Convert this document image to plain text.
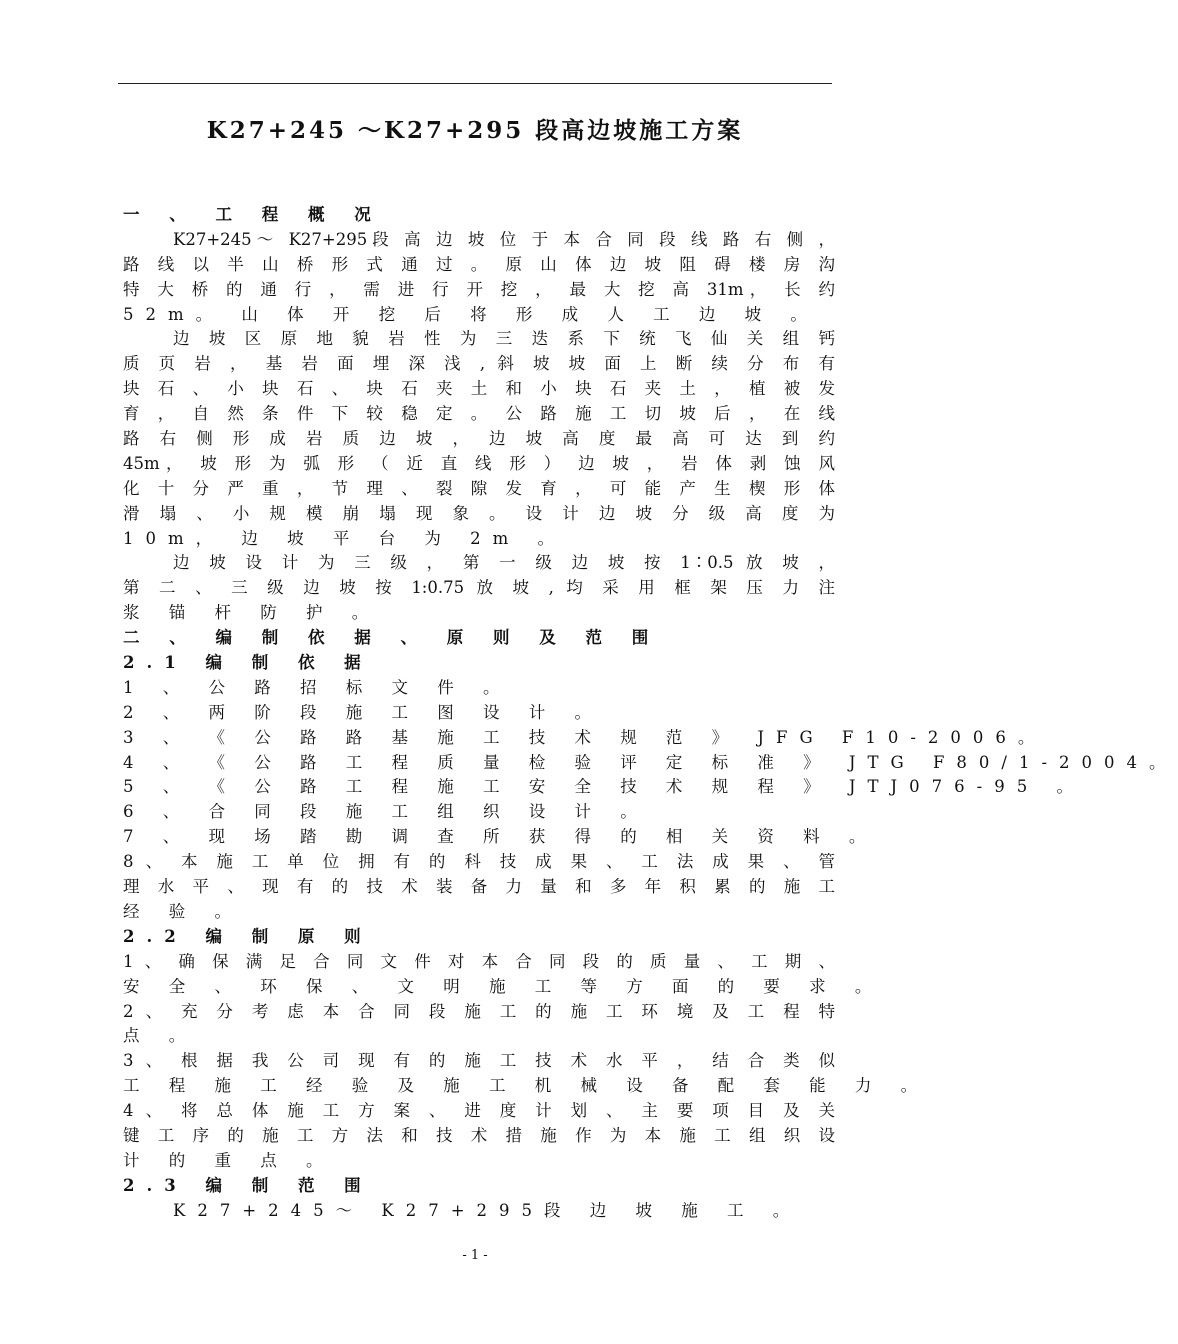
K27+245 ～K27+295 段高边坡施工方案
一 、 工 程 概 况
K27+245～ K27+295段 高 边 坡 位 于 本 合 同 段 线 路 右 侧 ，
路 线 以 半 山 桥 形 式 通 过 。 原 山 体 边 坡 阻 碍 楼 房 沟
特 大 桥 的 通 行 ， 需 进 行 开 挖 ， 最 大 挖 高 31m， 长 约
52m。 山 体 开 挖 后 将 形 成 人 工 边 坡 。
边 坡 区 原 地 貌 岩 性 为 三 迭 系 下 统 飞 仙 关 组 钙
质 页 岩 ， 基 岩 面 埋 深 浅 , 斜 坡 坡 面 上 断 续 分 布 有
块 石 、 小 块 石 、 块 石 夹 土 和 小 块 石 夹 土 ， 植 被 发
育 ， 自 然 条 件 下 较 稳 定 。 公 路 施 工 切 坡 后 ， 在 线
路 右 侧 形 成 岩 质 边 坡 ， 边 坡 高 度 最 高 可 达 到 约
45m， 坡 形 为 弧 形 （ 近 直 线 形 ） 边 坡 ， 岩 体 剥 蚀 风
化 十 分 严 重 ， 节 理 、 裂 隙 发 育 ， 可 能 产 生 楔 形 体
滑 塌 、 小 规 模 崩 塌 现 象 。 设 计 边 坡 分 级 高 度 为
10m， 边 坡 平 台 为 2m 。
边 坡 设 计 为 三 级 ， 第 一 级 边 坡 按 1∶0.5 放 坡 ，
第 二 、 三 级 边 坡 按 1:0.75 放 坡 , 均 采 用 框 架 压 力 注
浆 锚 杆 防 护 。
二 、 编 制 依 据 、 原 则 及 范 围
2.1 编 制 依 据
1 、 公 路 招 标 文 件 。
2 、 两 阶 段 施 工 图 设 计 。
3 、 《 公 路 路 基 施 工 技 术 规 范 》 JFG F10-2006。
4 、 《 公 路 工 程 质 量 检 验 评 定 标 准 》 JTG F80/1-2004。
5 、 《 公 路 工 程 施 工 安 全 技 术 规 程 》 JTJ076-95 。
6 、 合 同 段 施 工 组 织 设 计 。
7 、 现 场 踏 勘 调 查 所 获 得 的 相 关 资 料 。
8 、 本 施 工 单 位 拥 有 的 科 技 成 果 、 工 法 成 果 、 管
理 水 平 、 现 有 的 技 术 装 备 力 量 和 多 年 积 累 的 施 工
经 验 。
2.2 编 制 原 则
1 、 确 保 满 足 合 同 文 件 对 本 合 同 段 的 质 量 、 工 期 、
安 全 、 环 保 、 文 明 施 工 等 方 面 的 要 求 。
2 、 充 分 考 虑 本 合 同 段 施 工 的 施 工 环 境 及 工 程 特
点 。
3 、 根 据 我 公 司 现 有 的 施 工 技 术 水 平 ， 结 合 类 似
工 程 施 工 经 验 及 施 工 机 械 设 备 配 套 能 力 。
4 、 将 总 体 施 工 方 案 、 进 度 计 划 、 主 要 项 目 及 关
键 工 序 的 施 工 方 法 和 技 术 措 施 作 为 本 施 工 组 织 设
计 的 重 点 。
2.3 编 制 范 围
K27+245～ K27+295段 边 坡 施 工 。
- 1 -
